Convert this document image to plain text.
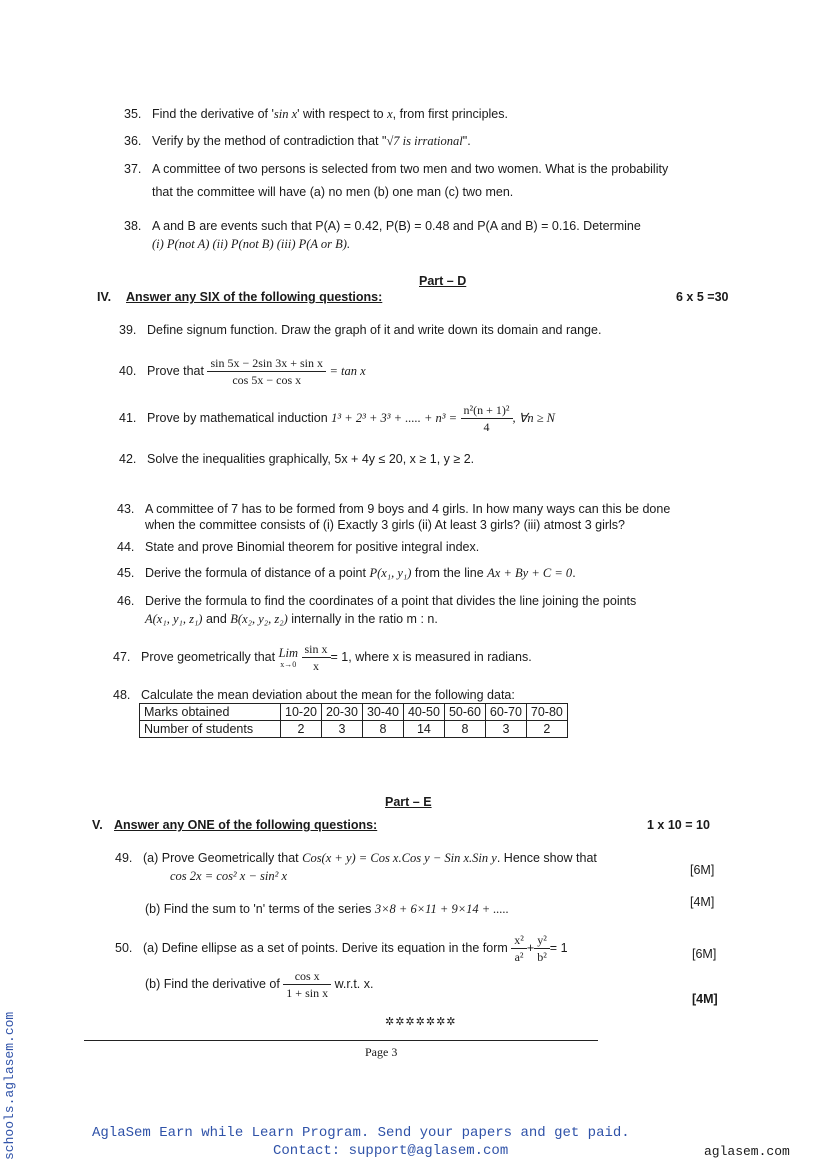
35. Find the derivative of 'sin x' with respect to x, from first principles.
36. Verify by the method of contradiction that "√7 is irrational".
37. A committee of two persons is selected from two men and two women. What is the probability
that the committee will have (a) no men (b) one man (c) two men.
38. A and B are events such that P(A) = 0.42, P(B) = 0.48 and P(A and B) = 0.16. Determine
(i) P(not A) (ii) P(not B) (iii) P(A or B).
Part – D
IV. Answer any SIX of the following questions:	6 x 5 =30
39. Define signum function. Draw the graph of it and write down its domain and range.
40. Prove that $\frac{\text{sin 5x − 2sin 3x + sin x}}{\text{cos 5x − cos x}} = \tan x$
41. Prove by mathematical induction 1³ + 2³ + 3³ + ..... + $n^3 = \frac{\text{n²(n + 1)²}}{4}$ , ∀n ≥ N
42. Solve the inequalities graphically, 5x + 4y ≤ 20, x ≥ 1, y ≥ 2.
43. A committee of 7 has to be formed from 9 boys and 4 girls. In how many ways can this be done
when the committee consists of (i) Exactly 3 girls (ii) At least 3 girls? (iii) atmost 3 girls?
44. State and prove Binomial theorem for positive integral index.
45. Derive the formula of distance of a point P(x₁, y₁) from the line Ax + By + C = 0.
46. Derive the formula to find the coordinates of a point that divides the line joining the points
A(x₁, y₁, z₁) and B(x₂, y₂, z₂) internally in the ratio m : n.
47. Prove geometrically that Lim
x→0
$\frac{\text{sin x}}{x} = 1$, where x is measured in radians.
48. Calculate the mean deviation about the mean for the following data:
Marks obtained	10-20	20-30	30-40	40-50	50-60	60-70	70-80
Number of students	2	3	8	14	8	3	2
Part – E
V. Answer any ONE of the following questions:	1 x 10 = 10
49. (a) Prove Geometrically that Cos(x + y) = Cos x.Cos y − Sin x.Sin y. Hence show that
cos 2x = cos² x − sin² x	[6M]
(b) Find the sum to 'n' terms of the series 3×8 + 6×11 + 9×14 + .....	[4M]
50. (a) Define ellipse as a set of points. Derive its equation in the form $\frac{\text{x²}}{\text{a²}} + \frac{\text{y²}}{\text{b²}} = 1$	[6M]
(b) Find the derivative of $\frac{\text{cos x}}{\text{1 + sin x}} w.r.t$. x.
[4M]
✲✲✲✲✲✲✲
Page 3
schools.aglasem.com	AglaSem Earn while Learn Program. Send your papers and get paid.
Contact: support@aglasem.com	aglasem.com
